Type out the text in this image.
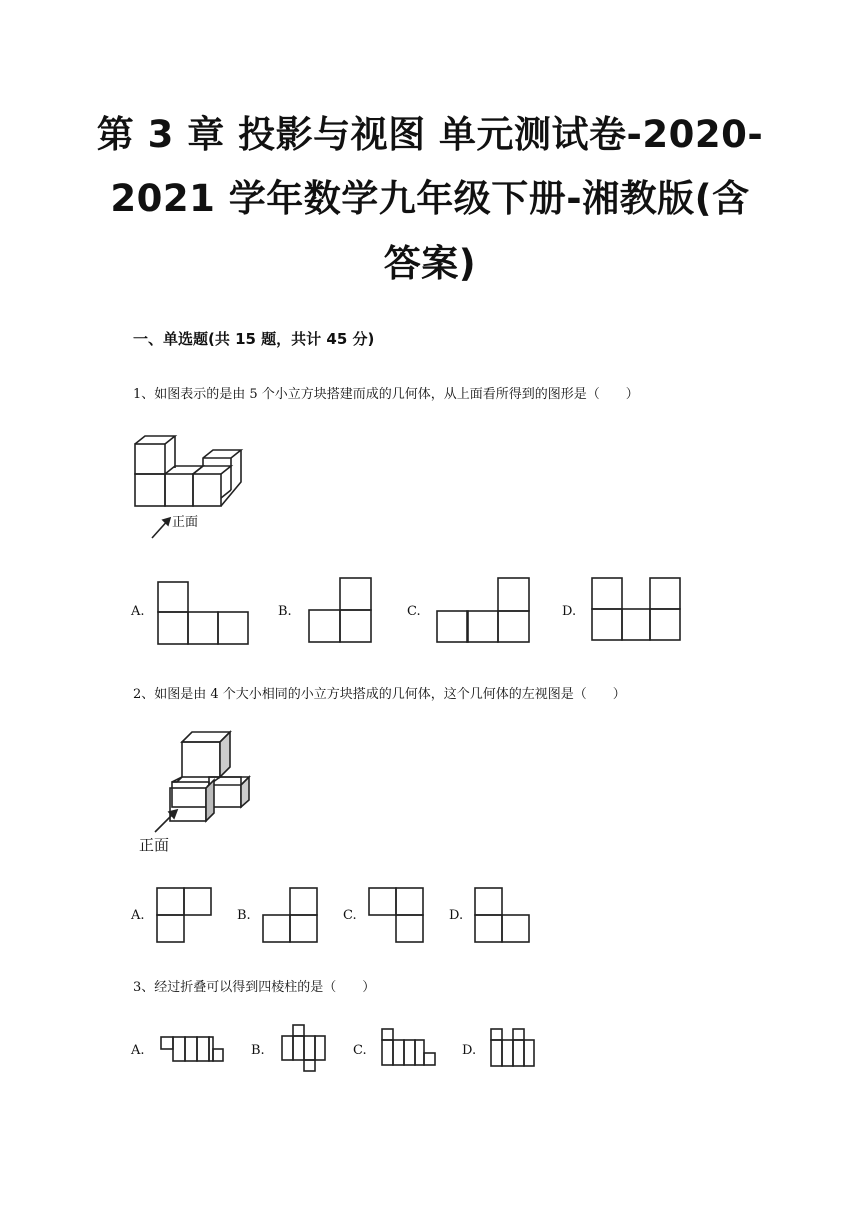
第 3 章 投影与视图 单元测试卷-2020-
2021 学年数学九年级下册-湘教版(含
答案)
一、单选题(共 15 题，共计 45 分)
1、如图表示的是由 5 个小立方块搭建而成的几何体，从上面看所得到的图形是（　　）
正面
A.	B.	C.	D.
2、如图是由 4 个大小相同的小立方块搭成的几何体，这个几何体的左视图是（　　）
正面
A.	B.	C.	D.
3、经过折叠可以得到四棱柱的是（　　）
A.	B.	C.	D.
